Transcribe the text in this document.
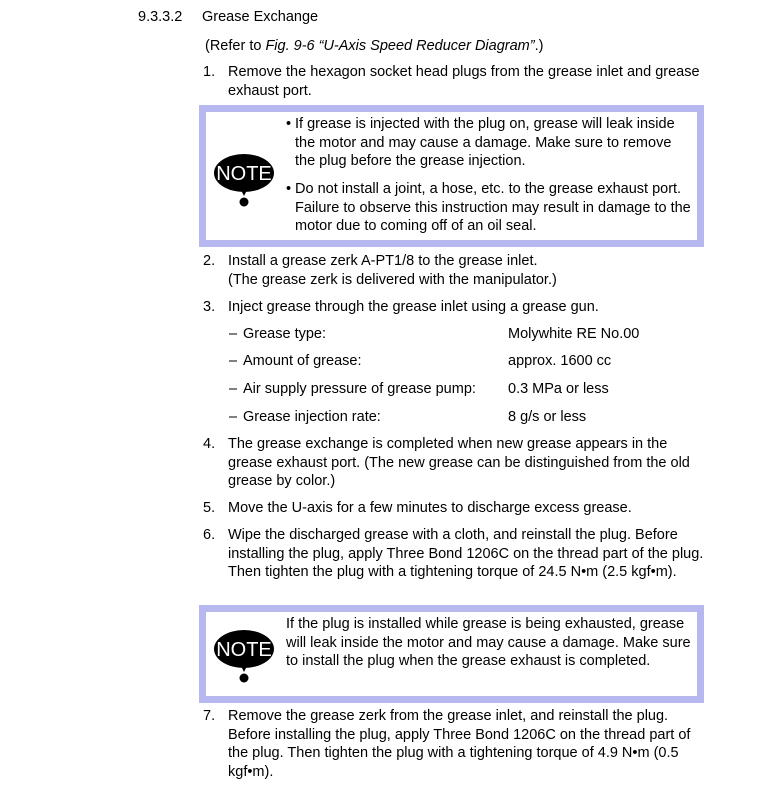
9.3.3.2 Grease Exchange
(Refer to Fig. 9-6 “U-Axis Speed Reducer Diagram”.)
1. Remove the hexagon socket head plugs from the grease inlet and grease exhaust port.
NOTE
• If grease is injected with the plug on, grease will leak inside the motor and may cause a damage. Make sure to remove the plug before the grease injection.
• Do not install a joint, a hose, etc. to the grease exhaust port. Failure to observe this instruction may result in damage to the motor due to coming off of an oil seal.
2. Install a grease zerk A-PT1/8 to the grease inlet.
(The grease zerk is delivered with the manipulator.)
3. Inject grease through the grease inlet using a grease gun.
– Grease type:	Molywhite RE No.00
– Amount of grease:	approx. 1600 cc
– Air supply pressure of grease pump: 0.3 MPa or less
– Grease injection rate:	8 g/s or less
4. The grease exchange is completed when new grease appears in the grease exhaust port. (The new grease can be distinguished from the old grease by color.)
5. Move the U-axis for a few minutes to discharge excess grease.
6. Wipe the discharged grease with a cloth, and reinstall the plug. Before installing the plug, apply Three Bond 1206C on the thread part of the plug. Then tighten the plug with a tightening torque of 24.5 N•m (2.5 kgf•m).
NOTE
If the plug is installed while grease is being exhausted, grease will leak inside the motor and may cause a damage. Make sure to install the plug when the grease exhaust is completed.
7. Remove the grease zerk from the grease inlet, and reinstall the plug. Before installing the plug, apply Three Bond 1206C on the thread part of the plug. Then tighten the plug with a tightening torque of 4.9 N•m (0.5 kgf•m).
